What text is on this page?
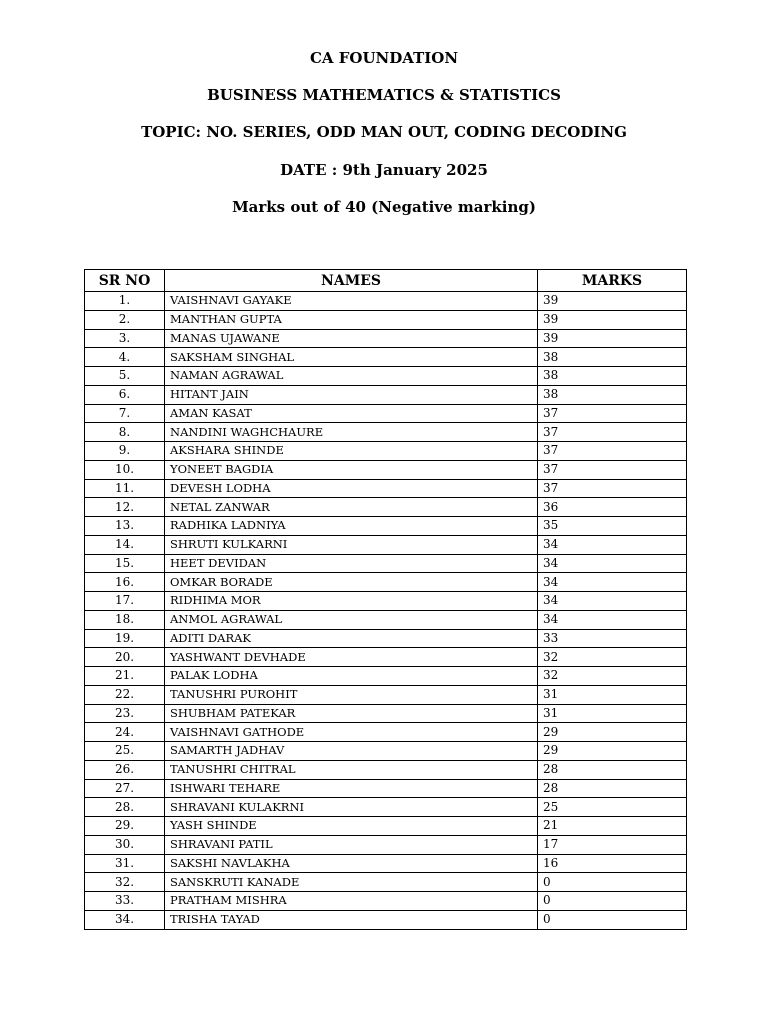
CA FOUNDATION
BUSINESS MATHEMATICS & STATISTICS
TOPIC: NO. SERIES, ODD MAN OUT, CODING DECODING
DATE : 9th January 2025
Marks out of 40 (Negative marking)
SR NO	NAMES	MARKS
1.	VAISHNAVI GAYAKE	39
2.	MANTHAN GUPTA	39
3.	MANAS UJAWANE	39
4.	SAKSHAM SINGHAL	38
5.	NAMAN AGRAWAL	38
6.	HITANT JAIN	38
7.	AMAN KASAT	37
8.	NANDINI WAGHCHAURE	37
9.	AKSHARA SHINDE	37
10.	YONEET BAGDIA	37
11.	DEVESH LODHA	37
12.	NETAL ZANWAR	36
13.	RADHIKA LADNIYA	35
14.	SHRUTI KULKARNI	34
15.	HEET DEVIDAN	34
16.	OMKAR BORADE	34
17.	RIDHIMA MOR	34
18.	ANMOL AGRAWAL	34
19.	ADITI DARAK	33
20.	YASHWANT DEVHADE	32
21.	PALAK LODHA	32
22.	TANUSHRI PUROHIT	31
23.	SHUBHAM PATEKAR	31
24.	VAISHNAVI GATHODE	29
25.	SAMARTH JADHAV	29
26.	TANUSHRI CHITRAL	28
27.	ISHWARI TEHARE	28
28.	SHRAVANI KULAKRNI	25
29.	YASH SHINDE	21
30.	SHRAVANI PATIL	17
31.	SAKSHI NAVLAKHA	16
32.	SANSKRUTI KANADE	0
33.	PRATHAM MISHRA	0
34.	TRISHA TAYAD	0
